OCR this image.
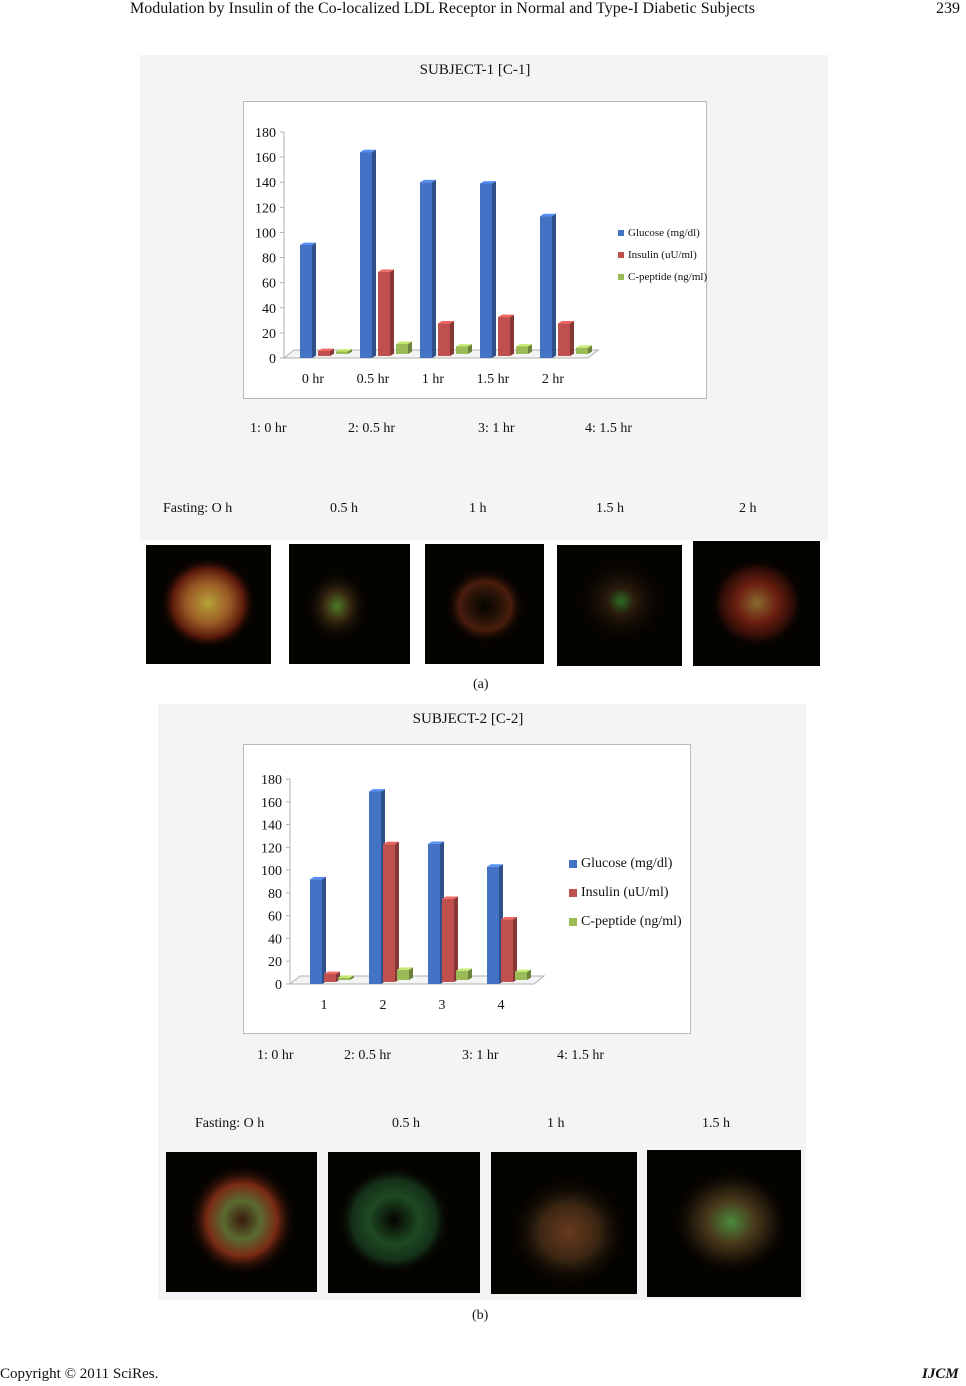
Modulation by Insulin of the Co-localized LDL Receptor in Normal and Type-I Diabetic Subjects	239
SUBJECT-1 [C-1]
0
20
40
60
80
100
120
140
160
180
0 hr 0.5 hr 1 hr 1.5 hr 2 hr
Glucose (mg/dl)
Insulin (uU/ml)
C-peptide (ng/ml)
1: 0 hr	2: 0.5 hr	3: 1 hr	4: 1.5 hr
Fasting: O h	0.5 h	1 h	1.5 h	2 h
(a)
SUBJECT-2 [C-2]
0
20
40
60
80
100
120
140
160
180
1	2	3	4
Glucose (mg/dl)
Insulin (uU/ml)
C-peptide (ng/ml)
1: 0 hr	2: 0.5 hr	3: 1 hr	4: 1.5 hr
Fasting: O h	0.5 h	1 h	1.5 h
(b)
Copyright © 2011 SciRes.	IJCM
